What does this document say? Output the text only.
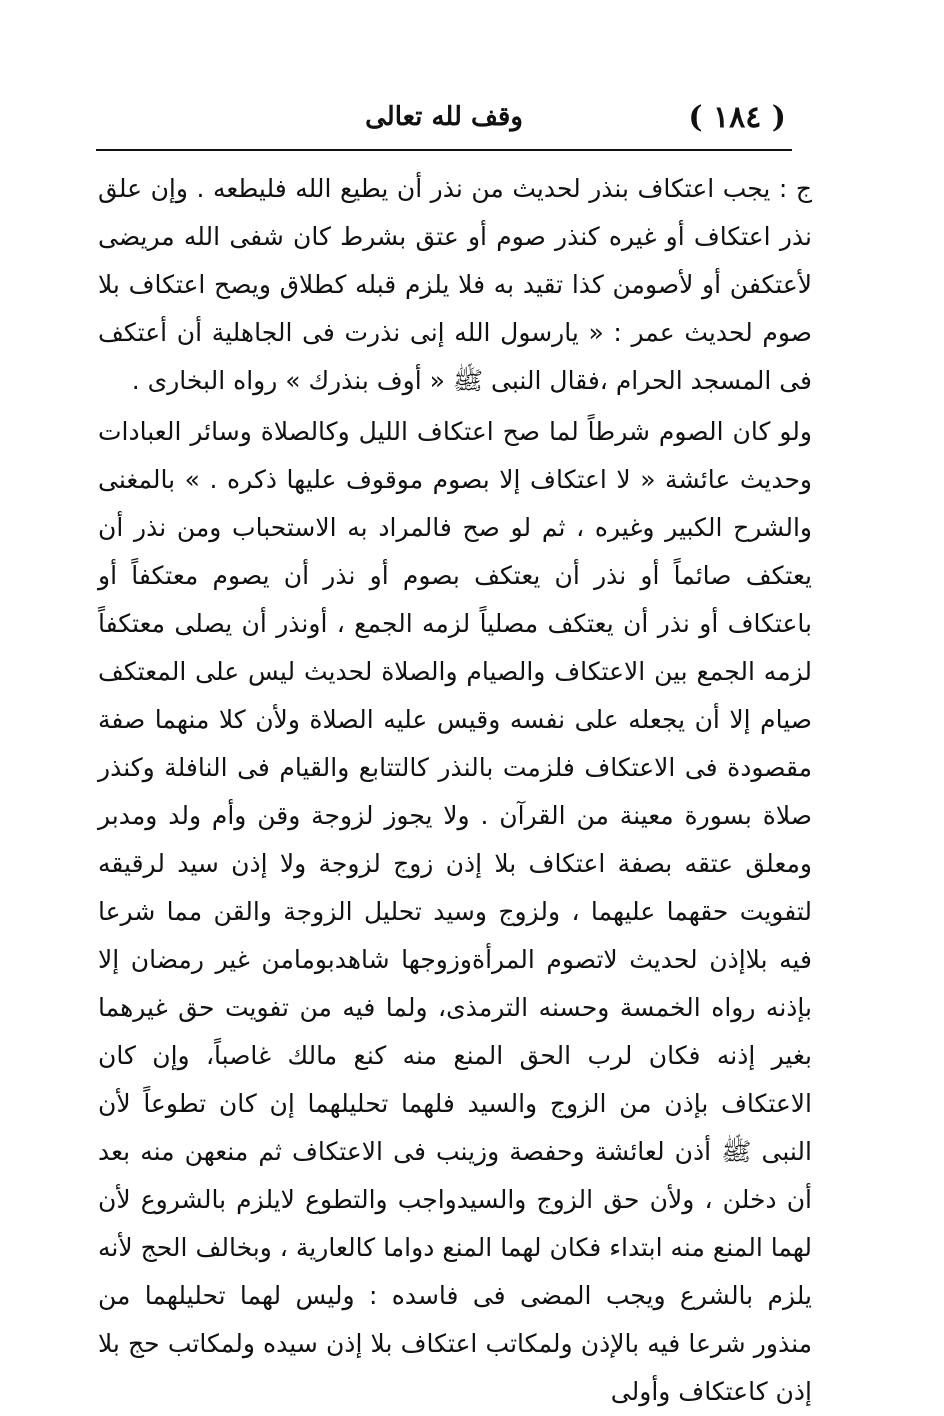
( ١٨٤ )
وقف لله تعالى

ج : يجب اعتكاف بنذر لحديث من نذر أن يطيع الله فليطعه . وإن علق نذر اعتكاف أو غيره كنذر صوم أو عتق بشرط كان شفى الله مريضى لأعتكفن أو لأصومن كذا تقيد به فلا يلزم قبله كطلاق ويصح اعتكاف بلا صوم لحديث عمر : « يارسول الله إنى نذرت فى الجاهلية أن أعتكف فى المسجد الحرام ،فقال النبى ﷺ « أوف بنذرك » رواه البخارى .

ولو كان الصوم شرطاً لما صح اعتكاف الليل وكالصلاة وسائر العبادات وحديث عائشة « لا اعتكاف إلا بصوم موقوف عليها ذكره . » بالمغنى والشرح الكبير وغيره ، ثم لو صح فالمراد به الاستحباب ومن نذر أن يعتكف صائماً أو نذر أن يعتكف بصوم أو نذر أن يصوم معتكفاً أو باعتكاف أو نذر أن يعتكف مصلياً لزمه الجمع ، أونذر أن يصلى معتكفاً لزمه الجمع بين الاعتكاف والصيام والصلاة لحديث ليس على المعتكف صيام إلا أن يجعله على نفسه وقيس عليه الصلاة ولأن كلا منهما صفة مقصودة فى الاعتكاف فلزمت بالنذر كالتتابع والقيام فى النافلة وكنذر صلاة بسورة معينة من القرآن . ولا يجوز لزوجة وقن وأم ولد ومدبر ومعلق عتقه بصفة اعتكاف بلا إذن زوج لزوجة ولا إذن سيد لرقيقه لتفويت حقهما عليهما ، ولزوج وسيد تحليل الزوجة والقن مما شرعا فيه بلاإذن لحديث لاتصوم المرأةوزوجها شاهدبومامن غير رمضان إلا بإذنه رواه الخمسة وحسنه الترمذى، ولما فيه من تفويت حق غيرهما بغير إذنه فكان لرب الحق المنع منه كنع مالك غاصباً، وإن كان الاعتكاف بإذن من الزوج والسيد فلهما تحليلهما إن كان تطوعاً لأن النبى ﷺ أذن لعائشة وحفصة وزينب فى الاعتكاف ثم منعهن منه بعد أن دخلن ، ولأن حق الزوج والسيدواجب والتطوع لايلزم بالشروع لأن لهما المنع منه ابتداء فكان لهما المنع دواما كالعارية ، وبخالف الحج لأنه يلزم بالشرع ويجب المضى فى فاسده : وليس لهما تحليلهما من منذور شرعا فيه بالإذن ولمكاتب اعتكاف بلا إذن سيده ولمكاتب حج بلا إذن كاعتكاف وأولى
